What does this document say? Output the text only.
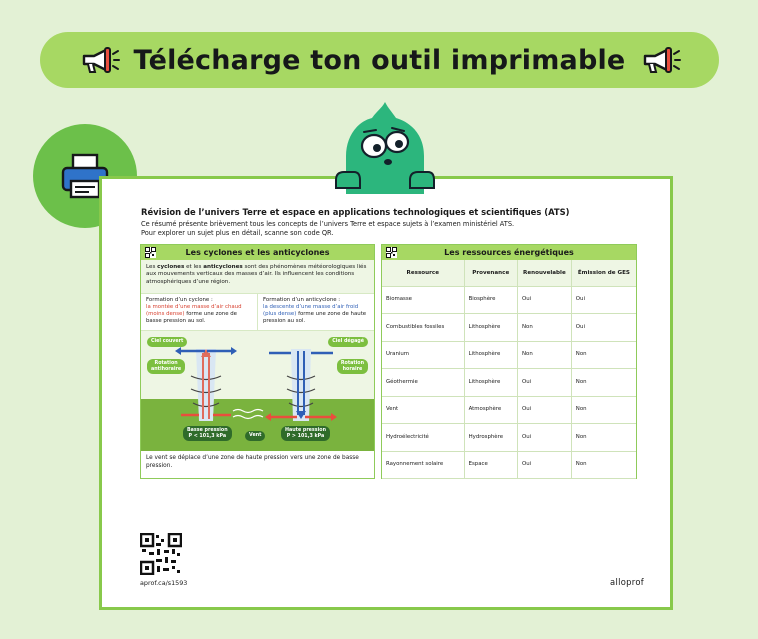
Télécharge ton outil imprimable
Révision de l’univers Terre et espace en applications technologiques et scientifiques (ATS)
Ce résumé présente brièvement tous les concepts de l’univers Terre et espace sujets à l’examen ministériel ATS.
Pour explorer un sujet plus en détail, scanne son code QR.
Les cyclones et les anticyclones
Les cyclones et les anticyclones sont des phénomènes météorologiques liés aux mouvements verticaux des masses d’air. Ils influencent les conditions atmosphériques d’une région.
Formation d’un cyclone :
la montée d’une masse d’air chaud (moins dense) forme une zone de basse pression au sol.
Formation d’un anticyclone :
la descente d’une masse d’air froid (plus dense) forme une zone de haute pression au sol.
Ciel couvert	Ciel dégagé
Rotation
antihoraire
Rotation
horaire
Basse pression
P < 101,3 kPa	Vent
Haute pression
P > 101,3 kPa
Le vent se déplace d’une zone de haute pression vers une zone de basse pression.
Les ressources énergétiques
Ressource	Provenance	Renouvelable	Émission de GES
Biomasse	Biosphère	Oui	Oui
Combustibles fossiles	Lithosphère	Non	Oui
Uranium	Lithosphère	Non	Non
Géothermie	Lithosphère	Oui	Non
Vent	Atmosphère	Oui	Non
Hydroélectricité	Hydrosphère	Oui	Non
Rayonnement solaire	Espace	Oui	Non
aprof.ca/s1593	alloprof
